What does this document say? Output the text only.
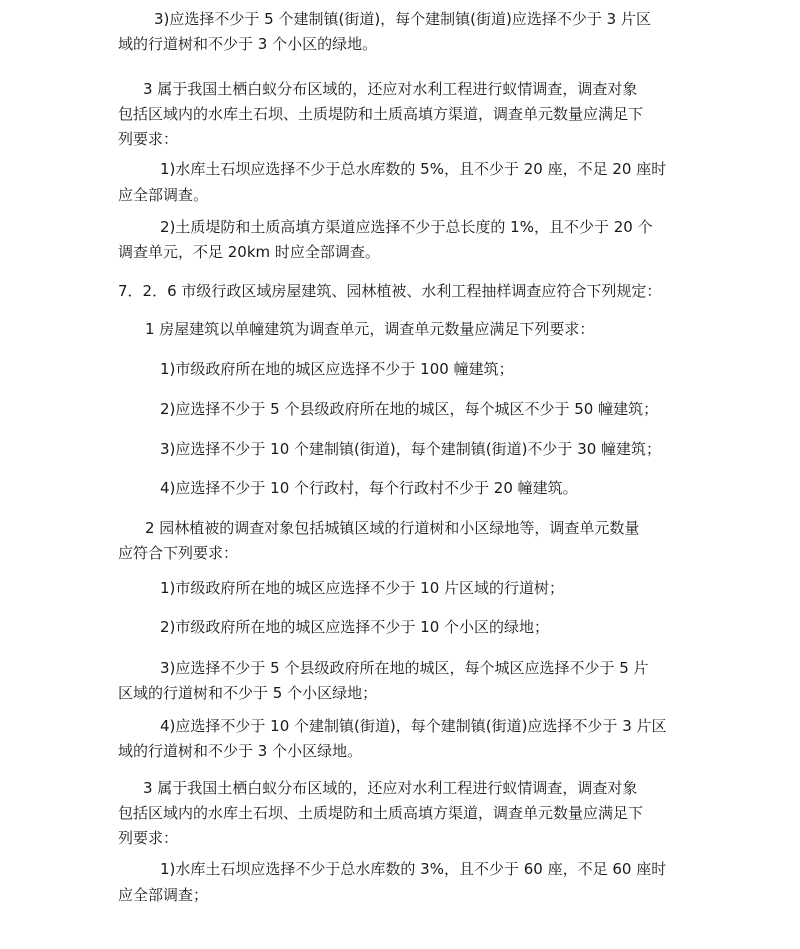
3)应选择不少于 5 个建制镇(街道)，每个建制镇(街道)应选择不少于 3 片区

域的行道树和不少于 3 个小区的绿地。

3 属于我国土栖白蚁分布区域的，还应对水利工程进行蚁情调查，调查对象

包括区域内的水库土石坝、土质堤防和土质高填方渠道，调查单元数量应满足下
列要求：

1)水库土石坝应选择不少于总水库数的 5%，且不少于 20 座，不足 20 座时

应全部调查。

2)土质堤防和土质高填方渠道应选择不少于总长度的 1%，且不少于 20 个

调查单元，不足 20km 时应全部调查。

7．2．6 市级行政区域房屋建筑、园林植被、水利工程抽样调查应符合下列规定：

1 房屋建筑以单幢建筑为调查单元，调查单元数量应满足下列要求：

1)市级政府所在地的城区应选择不少于 100 幢建筑；

2)应选择不少于 5 个县级政府所在地的城区，每个城区不少于 50 幢建筑；

3)应选择不少于 10 个建制镇(街道)，每个建制镇(街道)不少于 30 幢建筑；

4)应选择不少于 10 个行政村，每个行政村不少于 20 幢建筑。

2 园林植被的调查对象包括城镇区域的行道树和小区绿地等，调查单元数量

应符合下列要求：

1)市级政府所在地的城区应选择不少于 10 片区域的行道树；

2)市级政府所在地的城区应选择不少于 10 个小区的绿地；

3)应选择不少于 5 个县级政府所在地的城区，每个城区应选择不少于 5 片

区域的行道树和不少于 5 个小区绿地；

4)应选择不少于 10 个建制镇(街道)，每个建制镇(街道)应选择不少于 3 片区

域的行道树和不少于 3 个小区绿地。

3 属于我国土栖白蚁分布区域的，还应对水利工程进行蚁情调查，调查对象

包括区域内的水库土石坝、土质堤防和土质高填方渠道，调查单元数量应满足下
列要求：

1)水库土石坝应选择不少于总水库数的 3%，且不少于 60 座，不足 60 座时

应全部调查；
